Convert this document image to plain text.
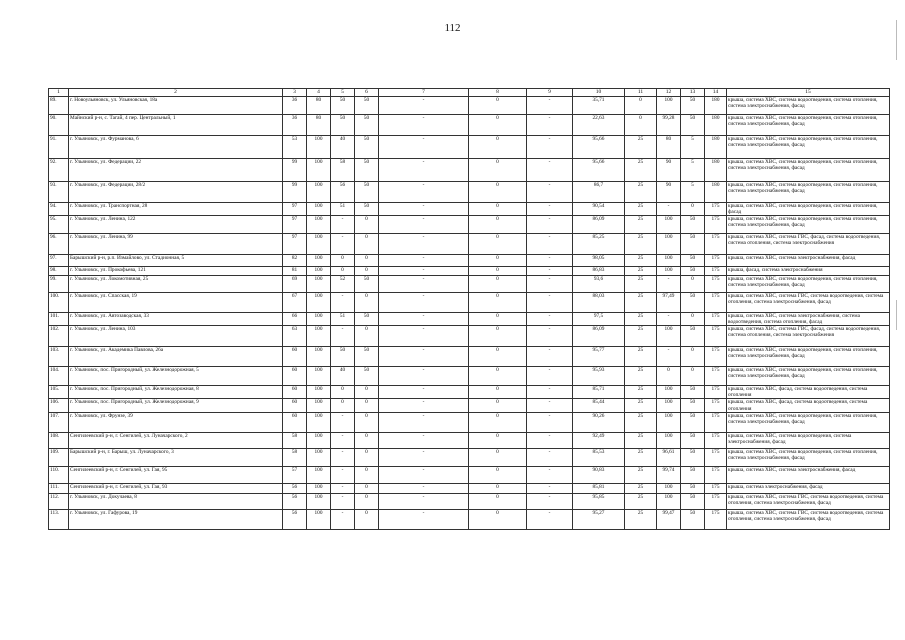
112
1	2	3	4	5	6	7	8	9	10	11	12	13	14	15
89.	г. Новоульяновск, ул. Ульяновская, 18а	36	80	50	50	-	0	-	35,71	0	100	50	180	крыша, система ХВС, система водоотведения, система отопления, система электроснабжения, фасад
90.	Майнский р-н, с. Тагай, 4 пер. Центральный, 1	36	80	50	50	-	0	-	22,63	0	99,28	50	180	крыша, система ХВС, система водоотведения, система отопления, система электроснабжения, фасад
91.	г. Ульяновск, ул. Фурманова, 6	53	100	40	50	-	0	-	95,66	25	80	5	180	крыша, система ХВС, система водоотведения, система отопления, система электроснабжения, фасад
92.	г. Ульяновск, ул. Федерации, 22	99	100	58	50	-	0	-	95,66	25	90	5	180	крыша, система ХВС, система водоотведения, система отопления, система электроснабжения, фасад
93.	г. Ульяновск, ул. Федерации, 28/2	99	100	56	50	-	0	-	86,7	25	90	5	180	крыша, система ХВС, система водоотведения, система отопления, система электроснабжения, фасад
94.	г. Ульяновск, ул. Транспортная, 28	97	100	51	50	-	0	-	90,54	25	-	0	175	крыша, система ХВС, система водоотведения, система отопления, фасад
95.	г. Ульяновск, ул. Ленина, 122	97	100	-	0	-	0	-	86,09	25	100	50	175	крыша, система ХВС, система водоотведения, система отопления, система электроснабжения, фасад
96.	г. Ульяновск, ул. Ленина, 99	97	100	-	0	-	0	-	85,25	25	100	50	175	крыша, система ХВС, система ГВС, фасад, система водоотведения, система отопления, система электроснабжения
97.	Барышский р-н, р.п. Измайлово, ул. Стадионная, 5	82	100	0	0	-	0	-	98,05	25	100	50	175	крыша, система ХВС, система электроснабжения, фасад
98.	г. Ульяновск, ул. Прокофьева, 121	81	100	0	0	-	0	-	86,83	25	100	50	175	крыша, фасад, система электроснабжения
99.	г. Ульяновск, ул. Локомотивная, 25	69	100	52	50	-	0	-	93,6	25	-	0	175	крыша, система ХВС, система водоотведения, система отопления, система электроснабжения, фасад
100.	г. Ульяновск, ул. Спасская, 19	67	100	-	0	-	0	-	88,03	25	97,49	50	175	крыша, система ХВС, система ГВС, система водоотведения, система отопления, система электроснабжения, фасад
101.	г. Ульяновск, ул. Автозаводская, 33	66	100	51	50	-	0	-	97,5	25	-	0	175	крыша, система ХВС, система электроснабжения, система водоотведения, система отопления, фасад
102.	г. Ульяновск, ул. Ленина, 103	63	100	-	0	-	0	-	86,09	25	100	50	175	крыша, система ХВС, система ГВС, фасад, система водоотведения, система отопления, система электроснабжения
103.	г. Ульяновск, ул. Академика Павлова, 26а	60	100	50	50	-	0	-	95,77	25	-	0	175	крыша, система ХВС, система водоотведения, система отопления, система электроснабжения, фасад
104.	г. Ульяновск, пос. Пригородный, ул. Железнодорожная, 5	60	100	40	50	-	0	-	95,93	25	0	0	175	крыша, система ХВС, система водоотведения, система отопления, система электроснабжения, фасад
105.	г. Ульяновск, пос. Пригородный, ул. Железнодорожная, 8	60	100	0	0	-	0	-	85,71	25	100	50	175	крыша, система ХВС, фасад, система водоотведения, система отопления
106.	г. Ульяновск, пос. Пригородный, ул. Железнодорожная, 9	60	100	0	0	-	0	-	85,44	25	100	50	175	крыша, система ХВС, фасад, система водоотведения, система отопления
107.	г. Ульяновск, ул. Фрунзе, 39	60	100	-	0	-	0	-	90,26	25	100	50	175	крыша, система ХВС, система водоотведения, система отопления, система электроснабжения, фасад
108.	Сенгилеевский р-н, г. Сенгилей, ул. Луначарского, 2	58	100	-	0	-	0	-	92,49	25	100	50	175	крыша, система ХВС, система водоотведения, система электроснабжения, фасад
109.	Барышский р-н, г. Барыш, ул. Луначарского, 3	58	100	-	0	-	0	-	85,53	25	96,61	50	175	крыша, система ХВС, система водоотведения, система отопления, система электроснабжения, фасад
110.	Сенгилеевский р-н, г. Сенгилей, ул. Гая, 95	57	100	-	0	-	0	-	90,83	25	99,74	50	175	крыша, система ХВС, система электроснабжения, фасад
111.	Сенгилеевский р-н, г. Сенгилей, ул. Гая, 93	56	100	-	0	-	0	-	85,81	25	100	50	175	крыша, система электроснабжения, фасад
112.	г. Ульяновск, ул. Докучаева, 8	56	100	-	0	-	0	-	95,85	25	100	50	175	крыша, система ХВС, система ГВС, система водоотведения, система отопления, система электроснабжения, фасад
113.	г. Ульяновск, ул. Гафурова, 19	56	100	-	0	-	0	-	95,27	25	99,47	50	175	крыша, система ХВС, система ГВС, система водоотведения, система отопления, система электроснабжения, фасад
